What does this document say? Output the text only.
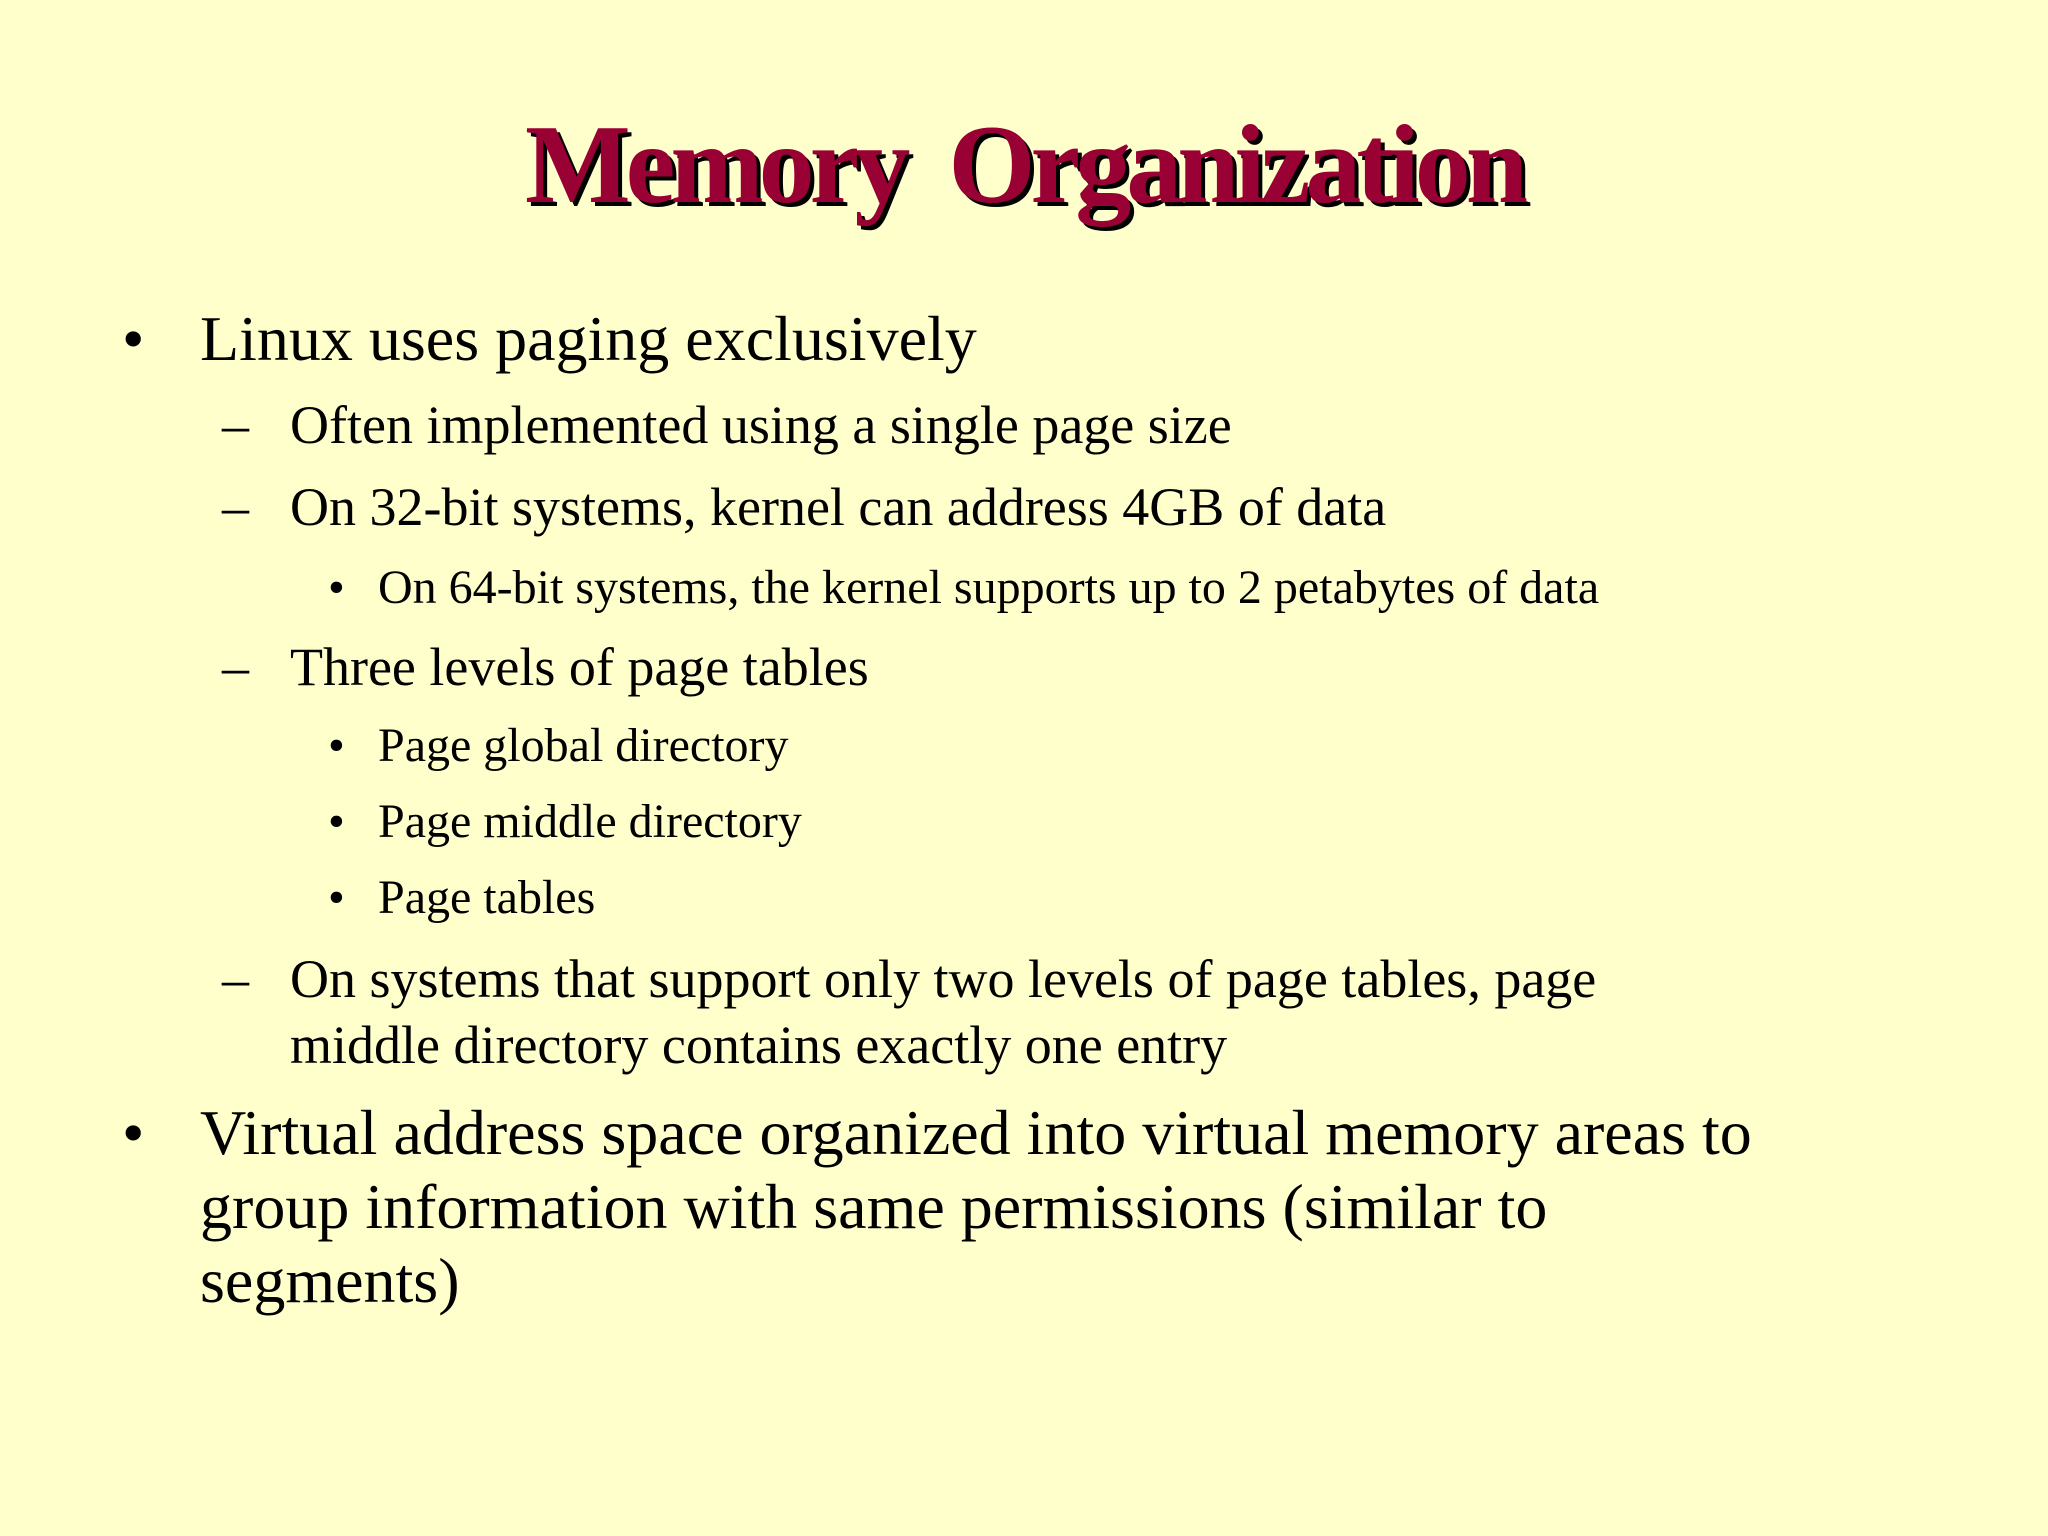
Memory Organization
• Linux uses paging exclusively
– Often implemented using a single page size
– On 32-bit systems, kernel can address 4GB of data
• On 64-bit systems, the kernel supports up to 2 petabytes of data
– Three levels of page tables
• Page global directory
• Page middle directory
• Page tables
– On systems that support only two levels of page tables, page
middle directory contains exactly one entry
• Virtual address space organized into virtual memory areas to
group information with same permissions (similar to
segments)
